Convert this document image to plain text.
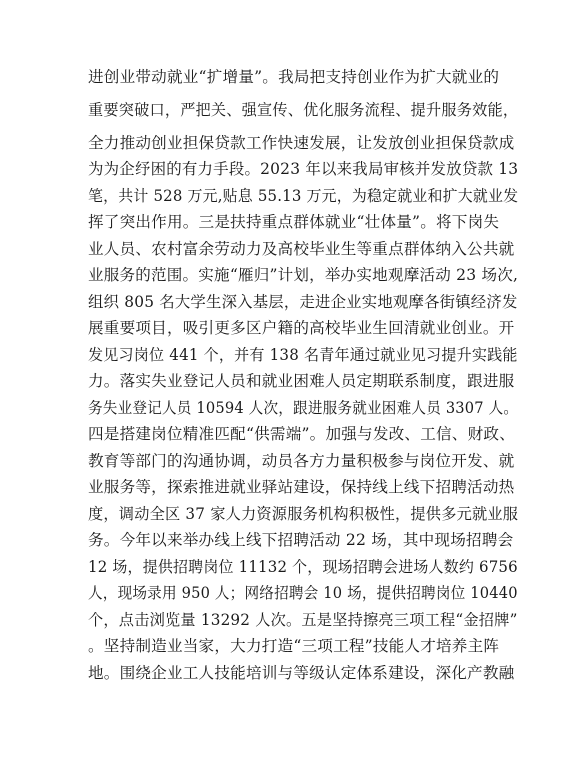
进创业带动就业“扩增量”。我局把支持创业作为扩大就业的
重要突破口，严把关、强宣传、优化服务流程、提升服务效能，
全力推动创业担保贷款工作快速发展，让发放创业担保贷款成
为为企纾困的有力手段。2023 年以来我局审核并发放贷款 13
笔，共计 528 万元,贴息 55.13 万元，为稳定就业和扩大就业发
挥了突出作用。三是扶持重点群体就业“壮体量”。将下岗失
业人员、农村富余劳动力及高校毕业生等重点群体纳入公共就
业服务的范围。实施“雁归”计划，举办实地观摩活动 23 场次,
组织 805 名大学生深入基层，走进企业实地观摩各街镇经济发
展重要项目，吸引更多区户籍的高校毕业生回清就业创业。开
发见习岗位 441 个，并有 138 名青年通过就业见习提升实践能
力。落实失业登记人员和就业困难人员定期联系制度，跟进服
务失业登记人员 10594 人次，跟进服务就业困难人员 3307 人。
四是搭建岗位精准匹配“供需端”。加强与发改、工信、财政、
教育等部门的沟通协调，动员各方力量积极参与岗位开发、就
业服务等，探索推进就业驿站建设，保持线上线下招聘活动热
度，调动全区 37 家人力资源服务机构积极性，提供多元就业服
务。今年以来举办线上线下招聘活动 22 场，其中现场招聘会
12 场，提供招聘岗位 11132 个，现场招聘会进场人数约 6756
人，现场录用 950 人；网络招聘会 10 场，提供招聘岗位 10440
个，点击浏览量 13292 人次。五是坚持擦亮三项工程“金招牌”
。坚持制造业当家，大力打造“三项工程”技能人才培养主阵
地。围绕企业工人技能培训与等级认定体系建设，深化产教融
